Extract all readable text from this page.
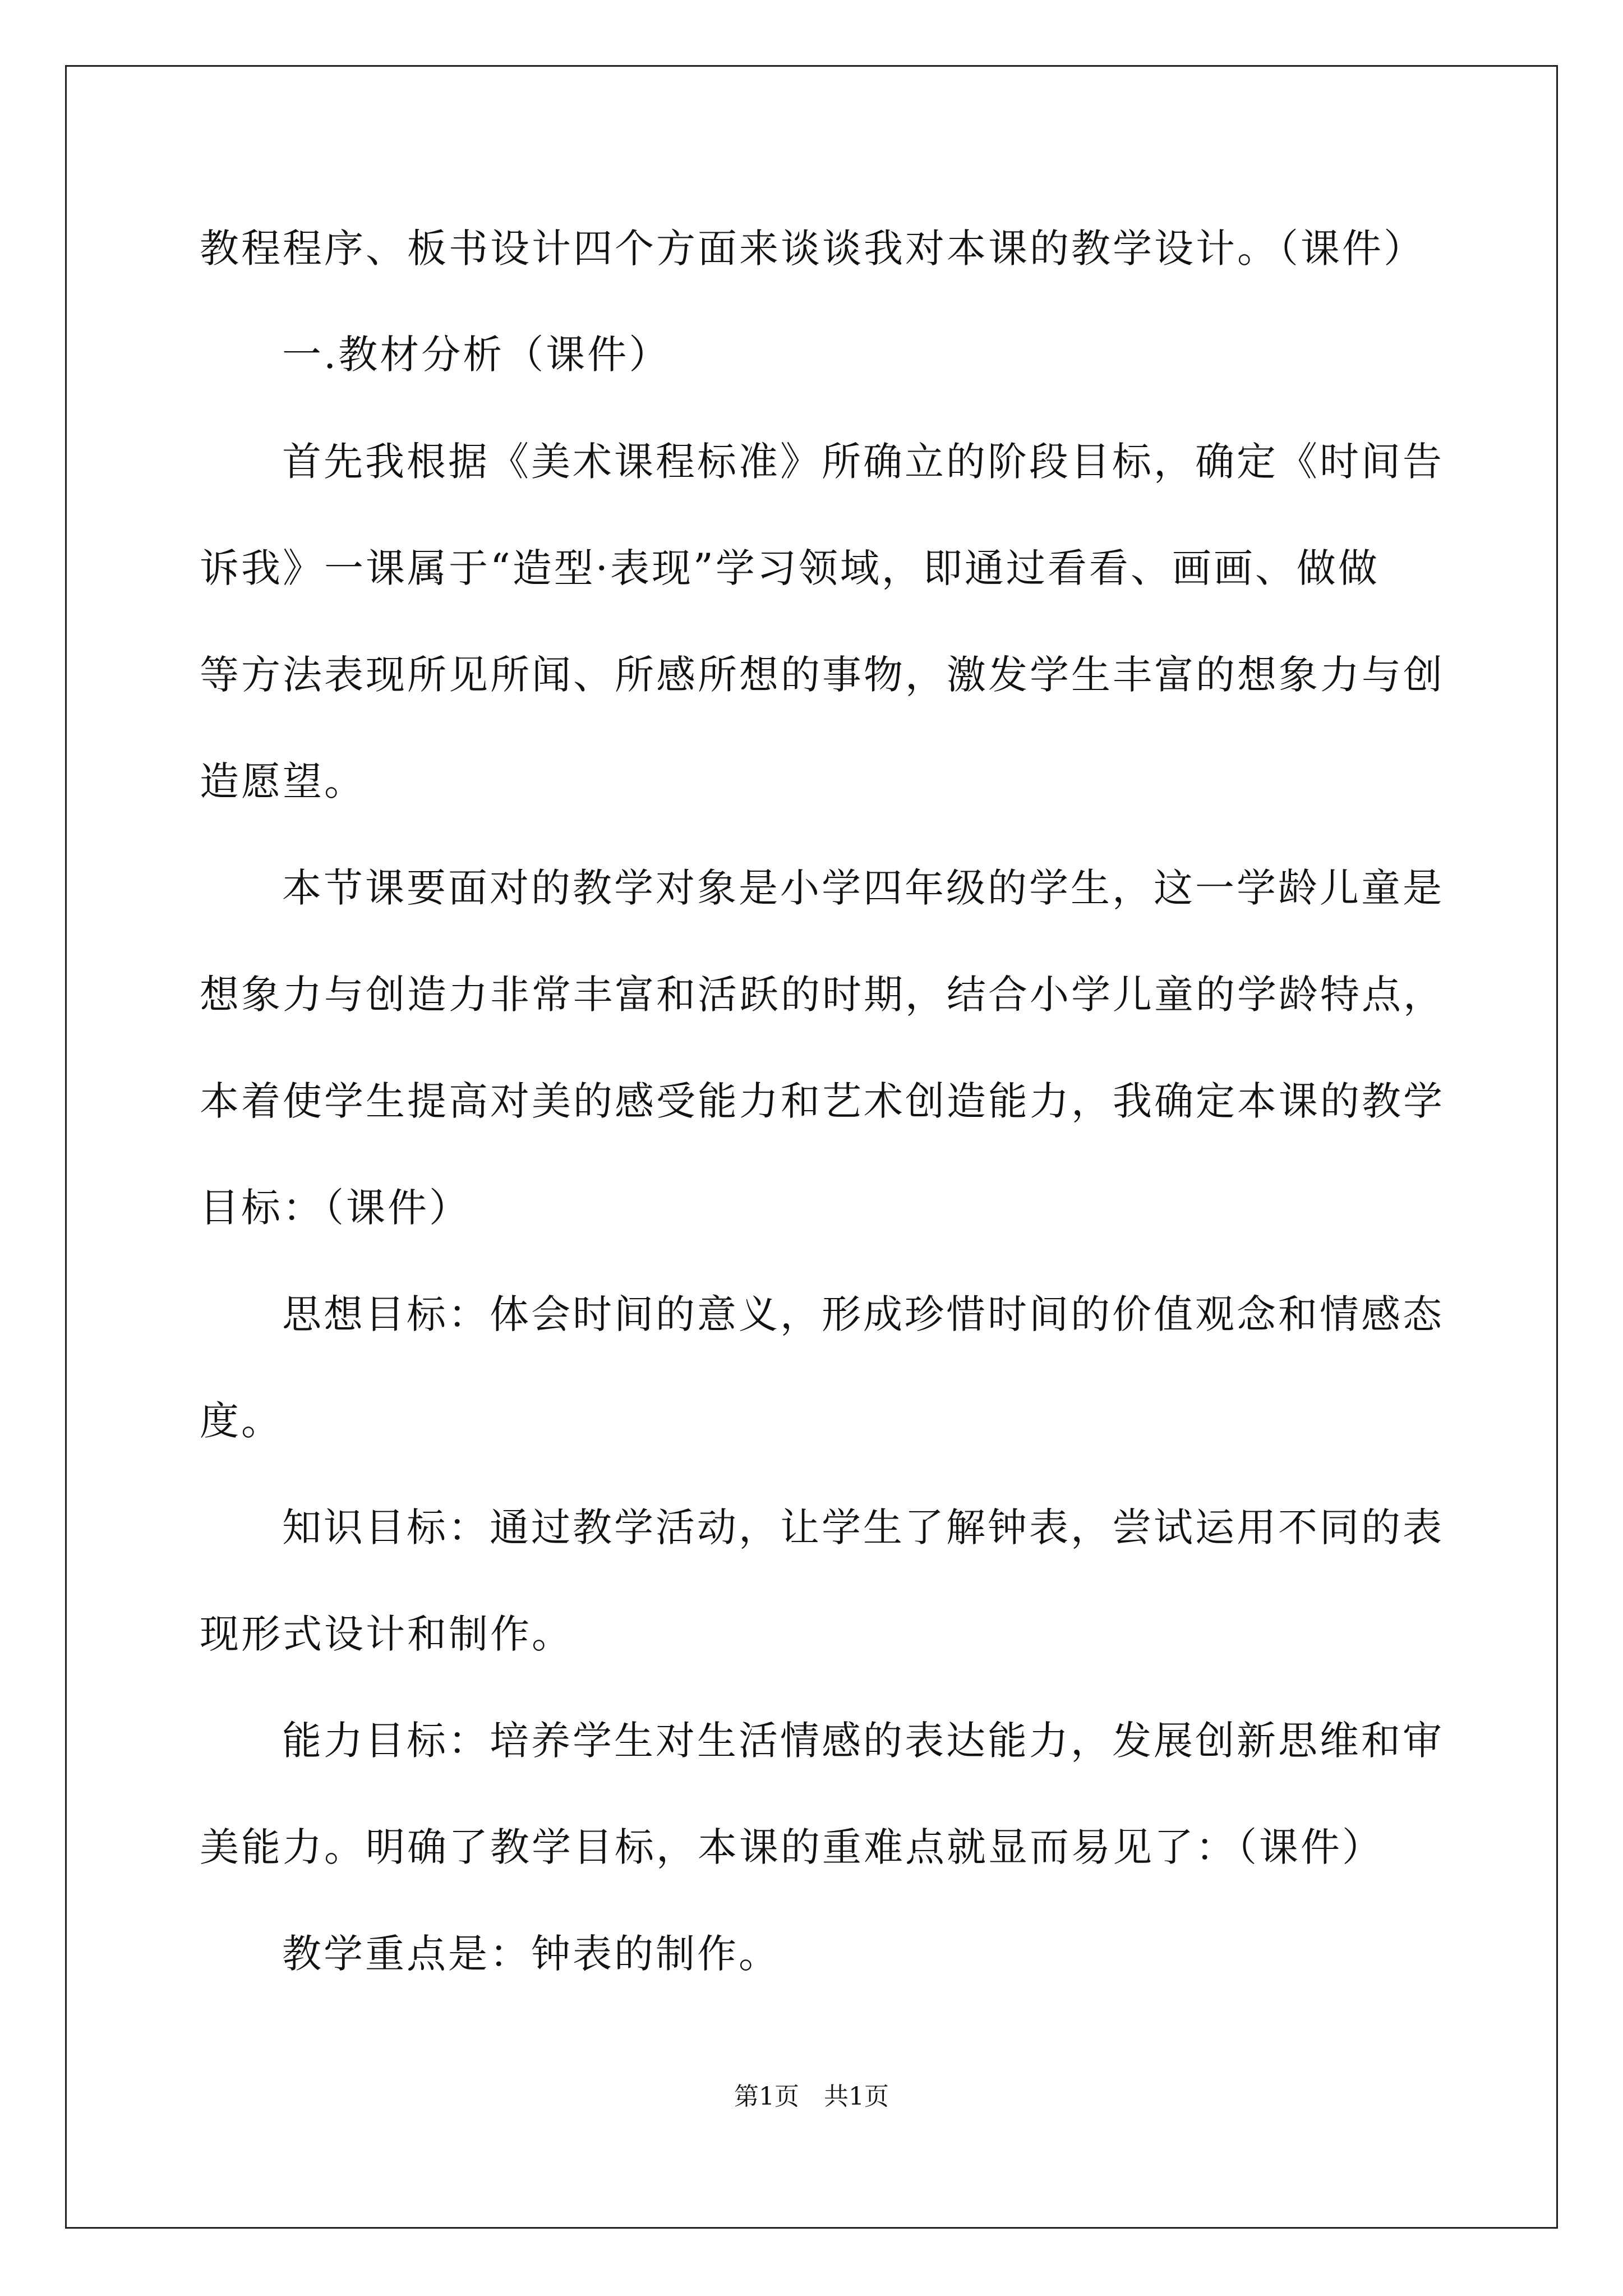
教程程序、板书设计四个方面来谈谈我对本课的教学设计。（课件）
一.教材分析（课件）
首先我根据《美术课程标准》所确立的阶段目标，确定《时间告
诉我》一课属于“造型·表现”学习领域，即通过看看、画画、做做
等方法表现所见所闻、所感所想的事物，激发学生丰富的想象力与创
造愿望。
本节课要面对的教学对象是小学四年级的学生，这一学龄儿童是
想象力与创造力非常丰富和活跃的时期，结合小学儿童的学龄特点，
本着使学生提高对美的感受能力和艺术创造能力，我确定本课的教学
目标：（课件）
思想目标：体会时间的意义，形成珍惜时间的价值观念和情感态
度。
知识目标：通过教学活动，让学生了解钟表，尝试运用不同的表
现形式设计和制作。
能力目标：培养学生对生活情感的表达能力，发展创新思维和审
美能力。明确了教学目标，本课的重难点就显而易见了：（课件）
教学重点是：钟表的制作。
第1页　共1页
